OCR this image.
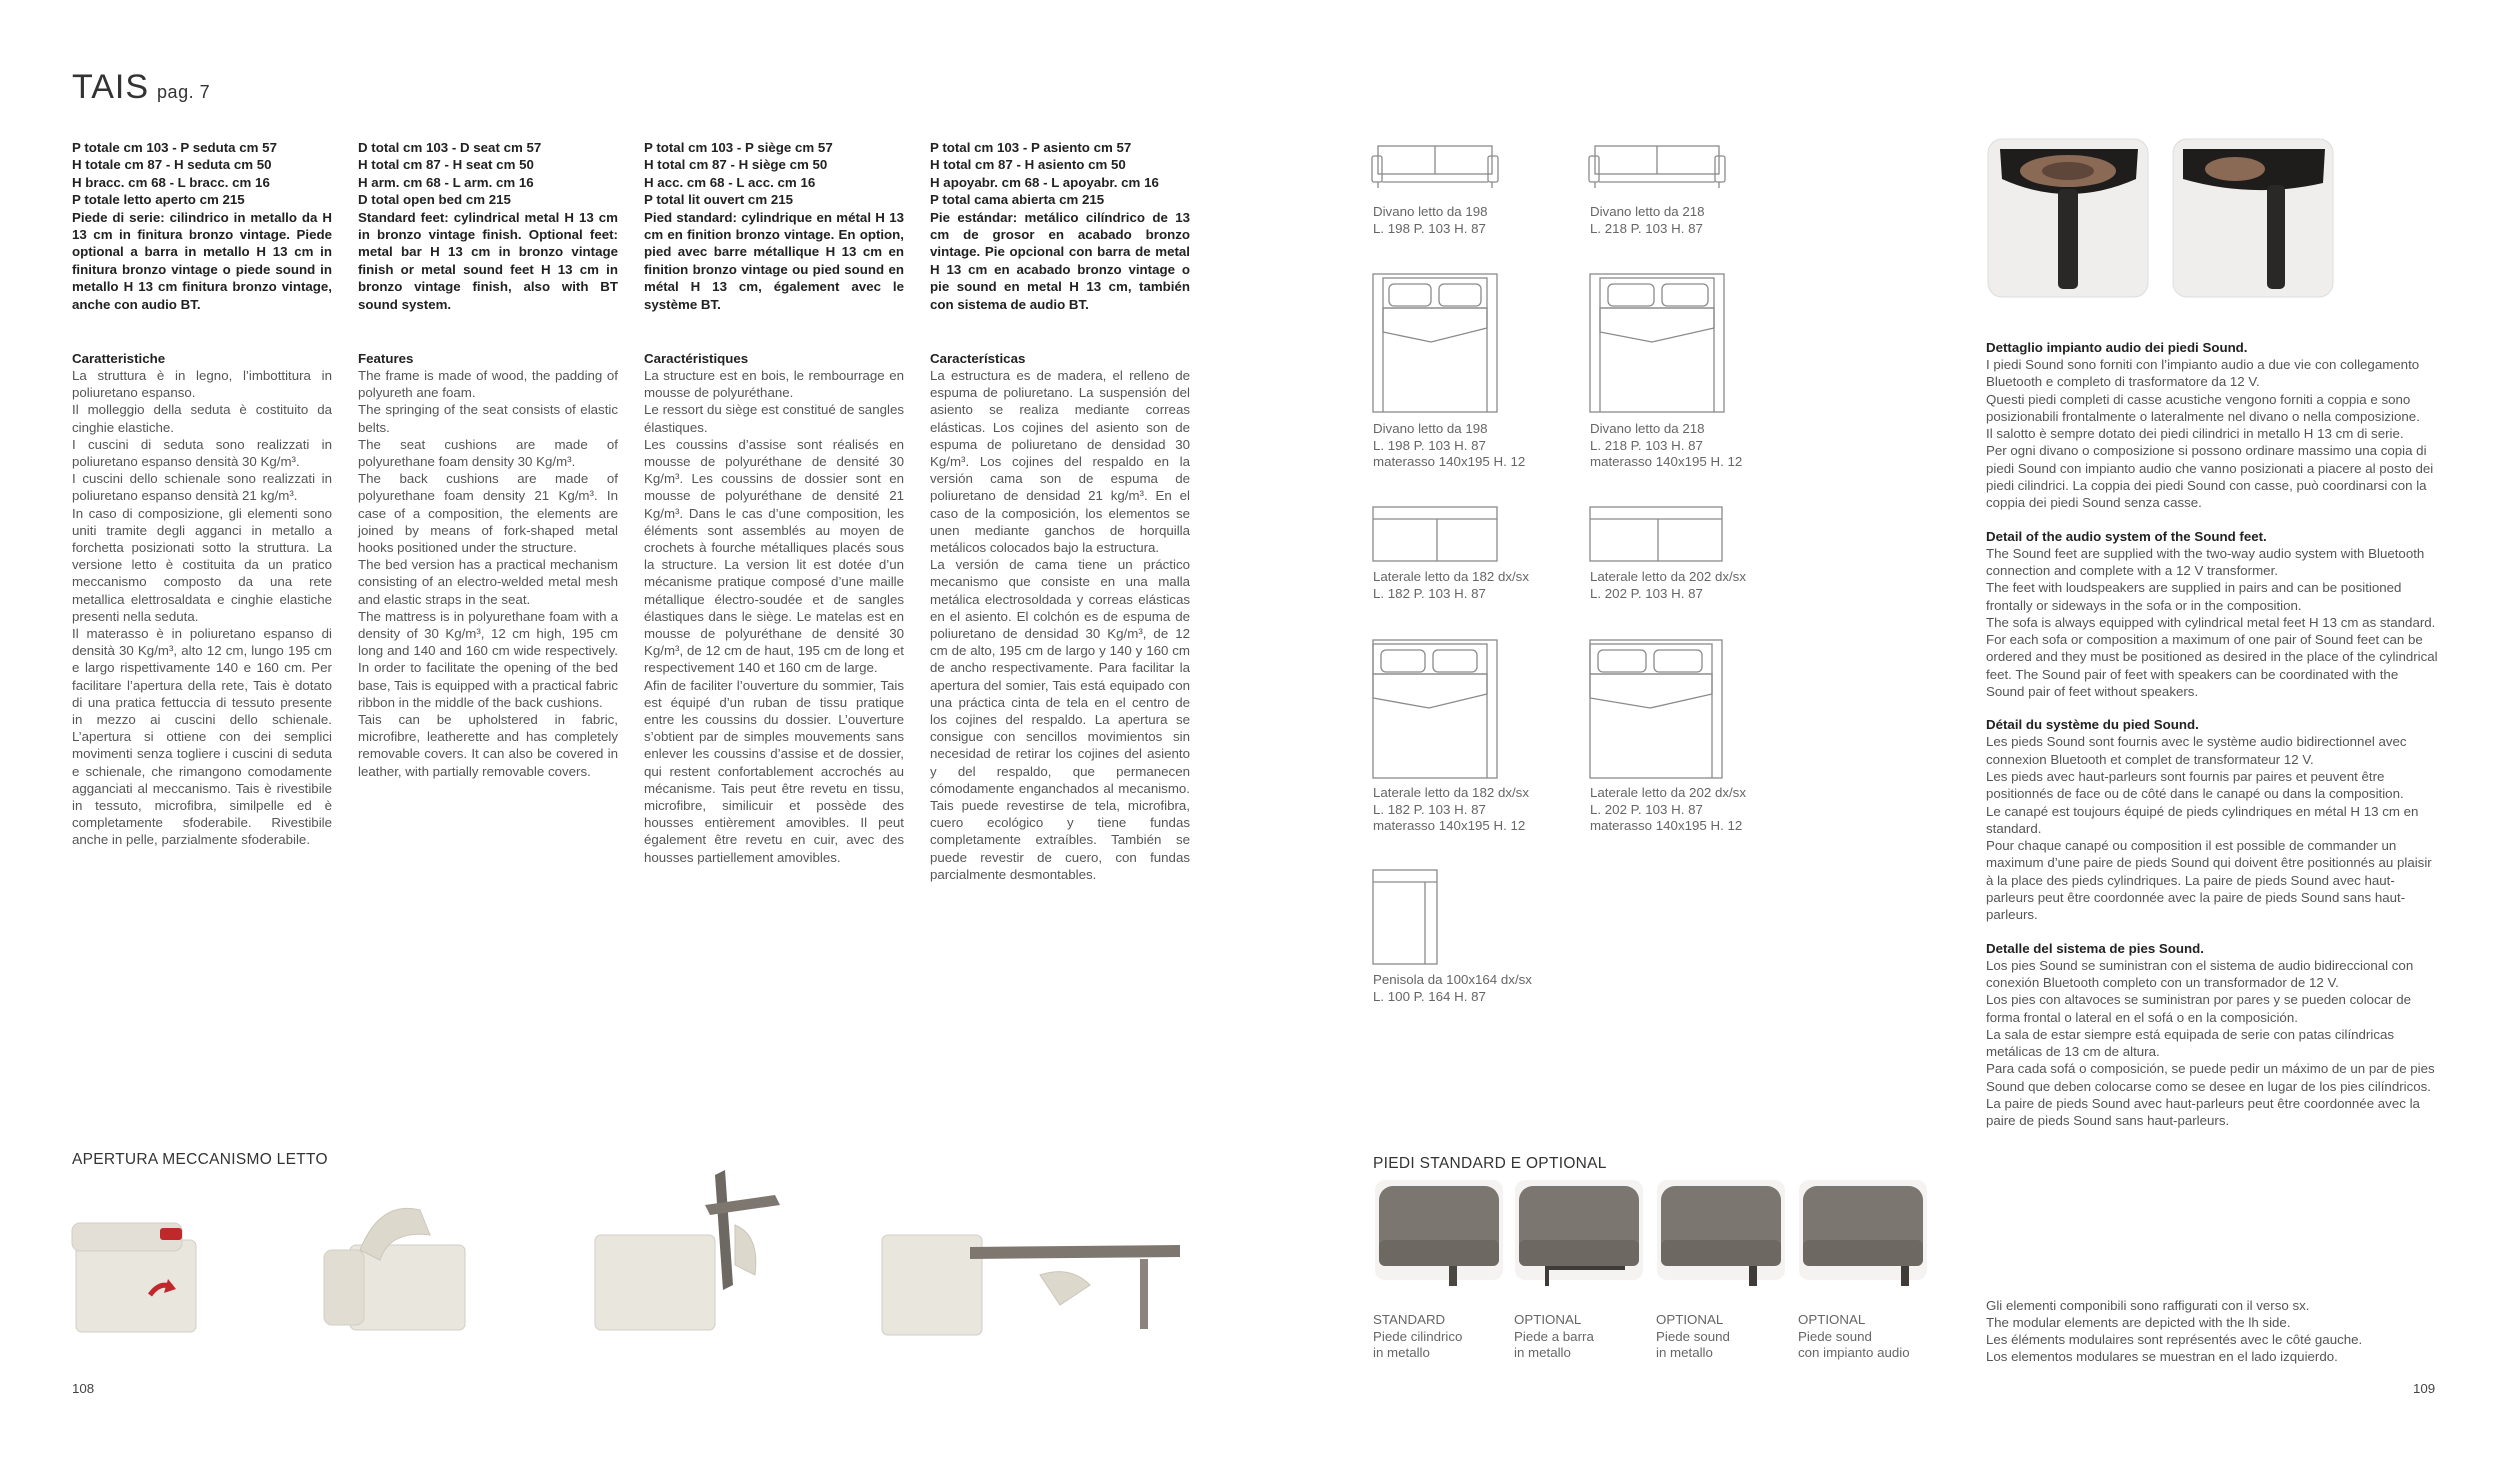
TAIS pag. 7
P totale cm 103 - P seduta cm 57
H totale cm 87 - H seduta cm 50
H bracc. cm 68 - L bracc. cm 16
P totale letto aperto cm 215
Piede di serie: cilindrico in metallo da H 13 cm in finitura bronzo vintage. Piede optional a barra in metallo H 13 cm in finitura bronzo vintage o piede sound in metallo H 13 cm finitura bronzo vintage, anche con audio BT.
Caratteristiche
La struttura è in legno, l’imbottitura in poliuretano espanso.
Il molleggio della seduta è costituito da cinghie elastiche.
I cuscini di seduta sono realizzati in poliuretano espanso densità 30 Kg/m³.
I cuscini dello schienale sono realizzati in poliuretano espanso densità 21 kg/m³.
In caso di composizione, gli elementi sono uniti tramite degli agganci in metallo a forchetta posizionati sotto la struttura. La versione letto è costituita da un pratico meccanismo composto da una rete metallica elettrosaldata e cinghie elastiche presenti nella seduta.
Il materasso è in poliuretano espanso di densità 30 Kg/m³, alto 12 cm, lungo 195 cm e largo rispettivamente 140 e 160 cm. Per facilitare l’apertura della rete, Tais è dotato di una pratica fettuccia di tessuto presente in mezzo ai cuscini dello schienale. L’apertura si ottiene con dei semplici movimenti senza togliere i cuscini di seduta e schienale, che rimangono comodamente agganciati al meccanismo. Tais è rivestibile in tessuto, microfibra, similpelle ed è completamente sfoderabile. Rivestibile anche in pelle, parzialmente sfoderabile.
D total cm 103 - D seat cm 57
H total cm 87 - H seat cm 50
H arm. cm 68 - L arm. cm 16
D total open bed cm 215
Standard feet: cylindrical metal H 13 cm in bronzo vintage finish. Optional feet: metal bar H 13 cm in bronzo vintage finish or metal sound feet H 13 cm in bronzo vintage finish, also with BT sound system.
Features
The frame is made of wood, the padding of polyureth ane foam.
The springing of the seat consists of elastic belts.
The seat cushions are made of polyurethane foam density 30 Kg/m³.
The back cushions are made of polyurethane foam density 21 Kg/m³. In case of a composition, the elements are joined by means of fork-shaped metal hooks positioned under the structure.
The bed version has a practical mechanism consisting of an electro-welded metal mesh and elastic straps in the seat.
The mattress is in polyurethane foam with a density of 30 Kg/m³, 12 cm high, 195 cm long and 140 and 160 cm wide respectively. In order to facilitate the opening of the bed base, Tais is equipped with a practical fabric ribbon in the middle of the back cushions.
Tais can be upholstered in fabric, microfibre, leatherette and has completely removable covers. It can also be covered in leather, with partially removable covers.
P total cm 103 - P siège cm 57
H total cm 87 - H siège cm 50
H acc. cm 68 - L acc. cm 16
P total lit ouvert cm 215
Pied standard: cylindrique en métal H 13 cm en finition bronzo vintage. En option, pied avec barre métallique H 13 cm en finition bronzo vintage ou pied sound en métal H 13 cm, également avec le système BT.
Caractéristiques
La structure est en bois, le rembourrage en mousse de polyuréthane.
Le ressort du siège est constitué de sangles élastiques.
Les coussins d’assise sont réalisés en mousse de polyuréthane de densité 30 Kg/m³. Les coussins de dossier sont en mousse de polyuréthane de densité 21 Kg/m³. Dans le cas d’une composition, les éléments sont assemblés au moyen de crochets à fourche métalliques placés sous la structure. La version lit est dotée d’un mécanisme pratique composé d’une maille métallique électro-soudée et de sangles élastiques dans le siège. Le matelas est en mousse de polyuréthane de densité 30 Kg/m³, de 12 cm de haut, 195 cm de long et respectivement 140 et 160 cm de large.
Afin de faciliter l’ouverture du sommier, Tais est équipé d’un ruban de tissu pratique entre les coussins du dossier. L’ouverture s’obtient par de simples mouvements sans enlever les coussins d’assise et de dossier, qui restent confortablement accrochés au mécanisme. Tais peut être revetu en tissu, microfibre, similicuir et possède des housses entièrement amovibles. Il peut également être revetu en cuir, avec des housses partiellement amovibles.
P total cm 103 - P asiento cm 57
H total cm 87 - H asiento cm 50
H apoyabr. cm 68 - L apoyabr. cm 16
P total cama abierta cm 215
Pie estándar: metálico cilíndrico de 13 cm de grosor en acabado bronzo vintage. Pie opcional con barra de metal H 13 cm en acabado bronzo vintage o pie sound en metal H 13 cm, también con sistema de audio BT.
Características
La estructura es de madera, el relleno de espuma de poliuretano. La suspensión del asiento se realiza mediante correas elásticas. Los cojines del asiento son de espuma de poliuretano de densidad 30 Kg/m³. Los cojines del respaldo en la versión cama son de espuma de poliuretano de densidad 21 kg/m³. En el caso de la composición, los elementos se unen mediante ganchos de horquilla metálicos colocados bajo la estructura.
La versión de cama tiene un práctico mecanismo que consiste en una malla metálica electrosoldada y correas elásticas en el asiento. El colchón es de espuma de poliuretano de densidad 30 Kg/m³, de 12 cm de alto, 195 cm de largo y 140 y 160 cm de ancho respectivamente. Para facilitar la apertura del somier, Tais está equipado con una práctica cinta de tela en el centro de los cojines del respaldo. La apertura se consigue con sencillos movimientos sin necesidad de retirar los cojines del asiento y del respaldo, que permanecen cómodamente enganchados al mecanismo. Tais puede revestirse de tela, microfibra, cuero ecológico y tiene fundas completamente extraíbles. También se puede revestir de cuero, con fundas parcialmente desmontables.
APERTURA MECCANISMO LETTO
Divano letto da 198
L. 198 P. 103 H. 87
Divano letto da 218
L. 218 P. 103 H. 87
Divano letto da 198
L. 198 P. 103 H. 87
materasso 140x195 H. 12
Divano letto da 218
L. 218 P. 103 H. 87
materasso 140x195 H. 12
Laterale letto da 182 dx/sx
L. 182 P. 103 H. 87
Laterale letto da 202 dx/sx
L. 202 P. 103 H. 87
Laterale letto da 182 dx/sx
L. 182 P. 103 H. 87
materasso 140x195 H. 12
Laterale letto da 202 dx/sx
L. 202 P. 103 H. 87
materasso 140x195 H. 12
Penisola da 100x164 dx/sx
L. 100 P. 164 H. 87
PIEDI STANDARD E OPTIONAL
STANDARD
Piede cilindrico
in metallo
OPTIONAL
Piede a barra
in metallo
OPTIONAL
Piede sound
in metallo
OPTIONAL
Piede sound
con impianto audio
Dettaglio impianto audio dei piedi Sound.
I piedi Sound sono forniti con l’impianto audio a due vie con collegamento Bluetooth e completo di trasformatore da 12 V.
Questi piedi completi di casse acustiche vengono forniti a coppia e sono posizionabili frontalmente o lateralmente nel divano o nella composizione.
Il salotto è sempre dotato dei piedi cilindrici in metallo H 13 cm di serie.
Per ogni divano o composizione si possono ordinare massimo una copia di piedi Sound con impianto audio che vanno posizionati a piacere al posto dei piedi cilindrici. La coppia dei piedi Sound con casse, può coordinarsi con la coppia dei piedi Sound senza casse.
Detail of the audio system of the Sound feet.
The Sound feet are supplied with the two-way audio system with Bluetooth connection and complete with a 12 V transformer.
The feet with loudspeakers are supplied in pairs and can be positioned frontally or sideways in the sofa or in the composition.
The sofa is always equipped with cylindrical metal feet H 13 cm as standard.
For each sofa or composition a maximum of one pair of Sound feet can be ordered and they must be positioned as desired in the place of the cylindrical feet. The Sound pair of feet with speakers can be coordinated with the Sound pair of feet without speakers.
Détail du système du pied Sound.
Les pieds Sound sont fournis avec le système audio bidirectionnel avec connexion Bluetooth et complet de transformateur 12 V.
Les pieds avec haut-parleurs sont fournis par paires et peuvent être positionnés de face ou de côté dans le canapé ou dans la composition.
Le canapé est toujours équipé de pieds cylindriques en métal H 13 cm en standard.
Pour chaque canapé ou composition il est possible de commander un maximum d’une paire de pieds Sound qui doivent être positionnés au plaisir à la place des pieds cylindriques. La paire de pieds Sound avec haut-parleurs peut être coordonnée avec la paire de pieds Sound sans haut-parleurs.
Detalle del sistema de pies Sound.
Los pies Sound se suministran con el sistema de audio bidireccional con conexión Bluetooth completo con un transformador de 12 V.
Los pies con altavoces se suministran por pares y se pueden colocar de forma frontal o lateral en el sofá o en la composición.
La sala de estar siempre está equipada de serie con patas cilíndricas metálicas de 13 cm de altura.
Para cada sofá o composición, se puede pedir un máximo de un par de pies Sound que deben colocarse como se desee en lugar de los pies cilíndricos. La paire de pieds Sound avec haut-parleurs peut être coordonnée avec la paire de pieds Sound sans haut-parleurs.
Gli elementi componibili sono raffigurati con il verso sx.
The modular elements are depicted with the lh side.
Les éléments modulaires sont représentés avec le côté gauche.
Los elementos modulares se muestran en el lado izquierdo.
108	109
